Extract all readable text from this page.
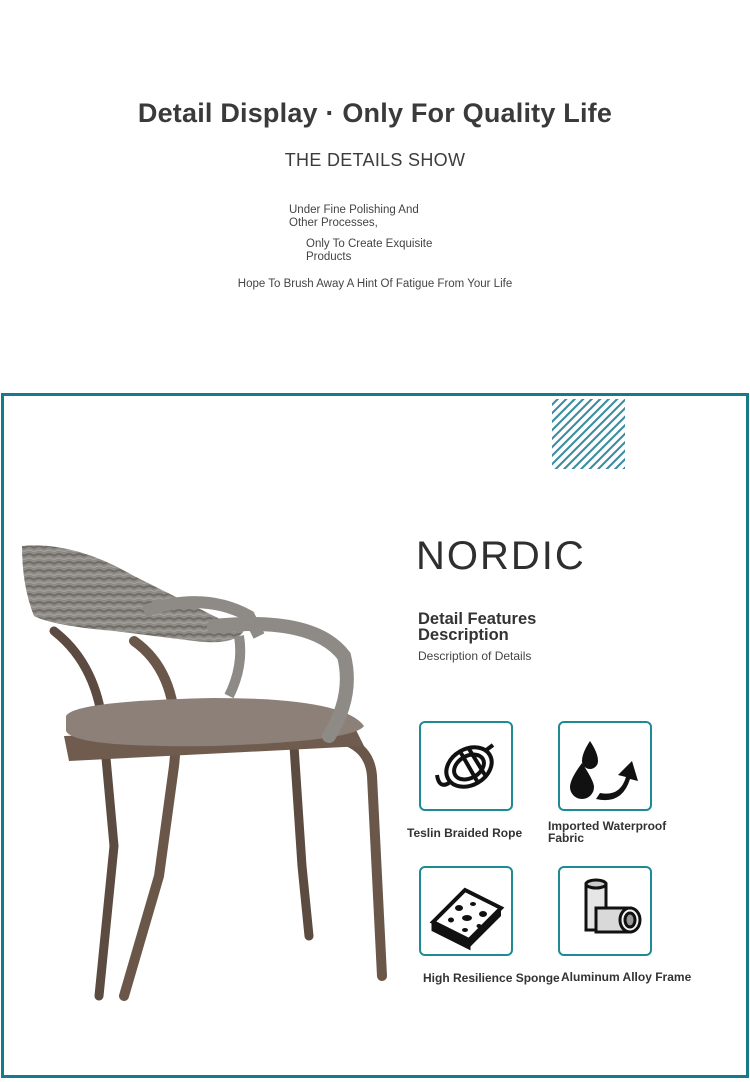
Detail Display · Only For Quality Life
THE DETAILS SHOW
Under Fine Polishing And Other Processes,
Only To Create Exquisite Products
Hope To Brush Away A Hint Of Fatigue From Your Life
NORDIC
Detail Features Description
Description of Details
Teslin Braided Rope Imported Waterproof Fabric
High Resilience Sponge Aluminum Alloy Frame
